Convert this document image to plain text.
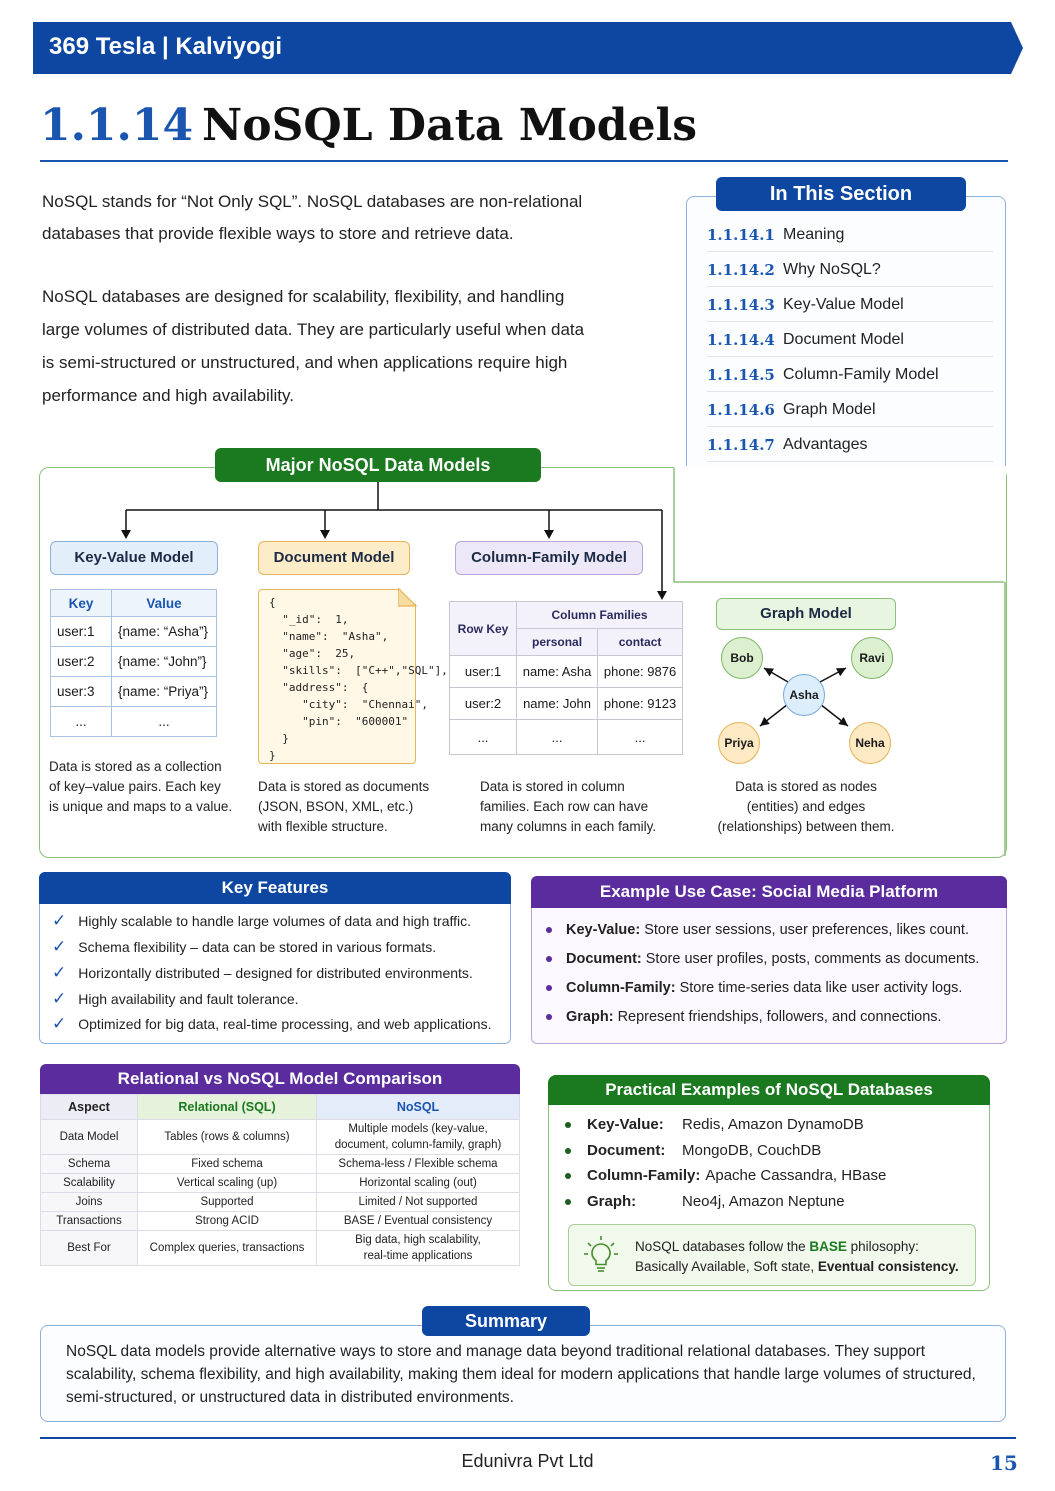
369 Tesla | Kalviyogi
1.1.14 NoSQL Data Models
NoSQL stands for “Not Only SQL”. NoSQL databases are non-relational
databases that provide flexible ways to store and retrieve data.
NoSQL databases are designed for scalability, flexibility, and handling
large volumes of distributed data. They are particularly useful when data
is semi-structured or unstructured, and when applications require high
performance and high availability.
1.1.14.1 Meaning
1.1.14.2 Why NoSQL?
1.1.14.3 Key-Value Model
1.1.14.4 Document Model
1.1.14.5 Column-Family Model
1.1.14.6 Graph Model
1.1.14.7 Advantages
In This Section
Major NoSQL Data Models
Key-Value Model
Key	Value
user:1	{name: “Asha”}
user:2	{name: “John”}
user:3	{name: “Priya”}
...	...
Data is stored as a collection
of key–value pairs. Each key
is unique and maps to a value.
Document Model
{
"_id":  1,
"name":  "Asha",
"age":  25,
"skills":  ["C++","SQL"],
"address":  {
"city":  "Chennai",
"pin":  "600001"
}
}
Data is stored as documents
(JSON, BSON, XML, etc.)
with flexible structure.
Column-Family Model
Row Key	Column Families	
	personal	contact
user:1	name: Asha	phone: 9876
user:2	name: John	phone: 9123
...	...	...
Data is stored in column
families. Each row can have
many columns in each family.
Graph Model
Bob	Ravi
Asha
Priya	Neha
Data is stored as nodes
(entities) and edges
(relationships) between them.
Key Features
✓ Highly scalable to handle large volumes of data and high traffic.
✓ Schema flexibility – data can be stored in various formats.
✓ Horizontally distributed – designed for distributed environments.
✓ High availability and fault tolerance.
✓ Optimized for big data, real-time processing, and web applications.
Example Use Case: Social Media Platform
Key-Value: Store user sessions, user preferences, likes count.
Document: Store user profiles, posts, comments as documents.
Column-Family: Store time-series data like user activity logs.
Graph: Represent friendships, followers, and connections.
Relational vs NoSQL Model Comparison
Aspect	Relational (SQL)	NoSQL
Data Model	Tables (rows & columns)	Multiple models (key-value,
document, column-family, graph)
Schema	Fixed schema	Schema-less / Flexible schema
Scalability	Vertical scaling (up)	Horizontal scaling (out)
Joins	Supported	Limited / Not supported
Transactions	Strong ACID	BASE / Eventual consistency
Best For	Complex queries, transactions	Big data, high scalability,
real-time applications
Practical Examples of NoSQL Databases
Key-Value: Redis, Amazon DynamoDB
Document: MongoDB, CouchDB
Column-Family: Apache Cassandra, HBase
Graph:	Neo4j, Amazon Neptune
NoSQL databases follow the BASE philosophy:
Basically Available, Soft state, Eventual consistency.
Summary
NoSQL data models provide alternative ways to store and manage data beyond traditional relational databases. They support scalability, schema flexibility, and high availability, making them ideal for modern applications that handle large volumes of structured, semi-structured, or unstructured data in distributed environments.
Edunivra Pvt Ltd	15
